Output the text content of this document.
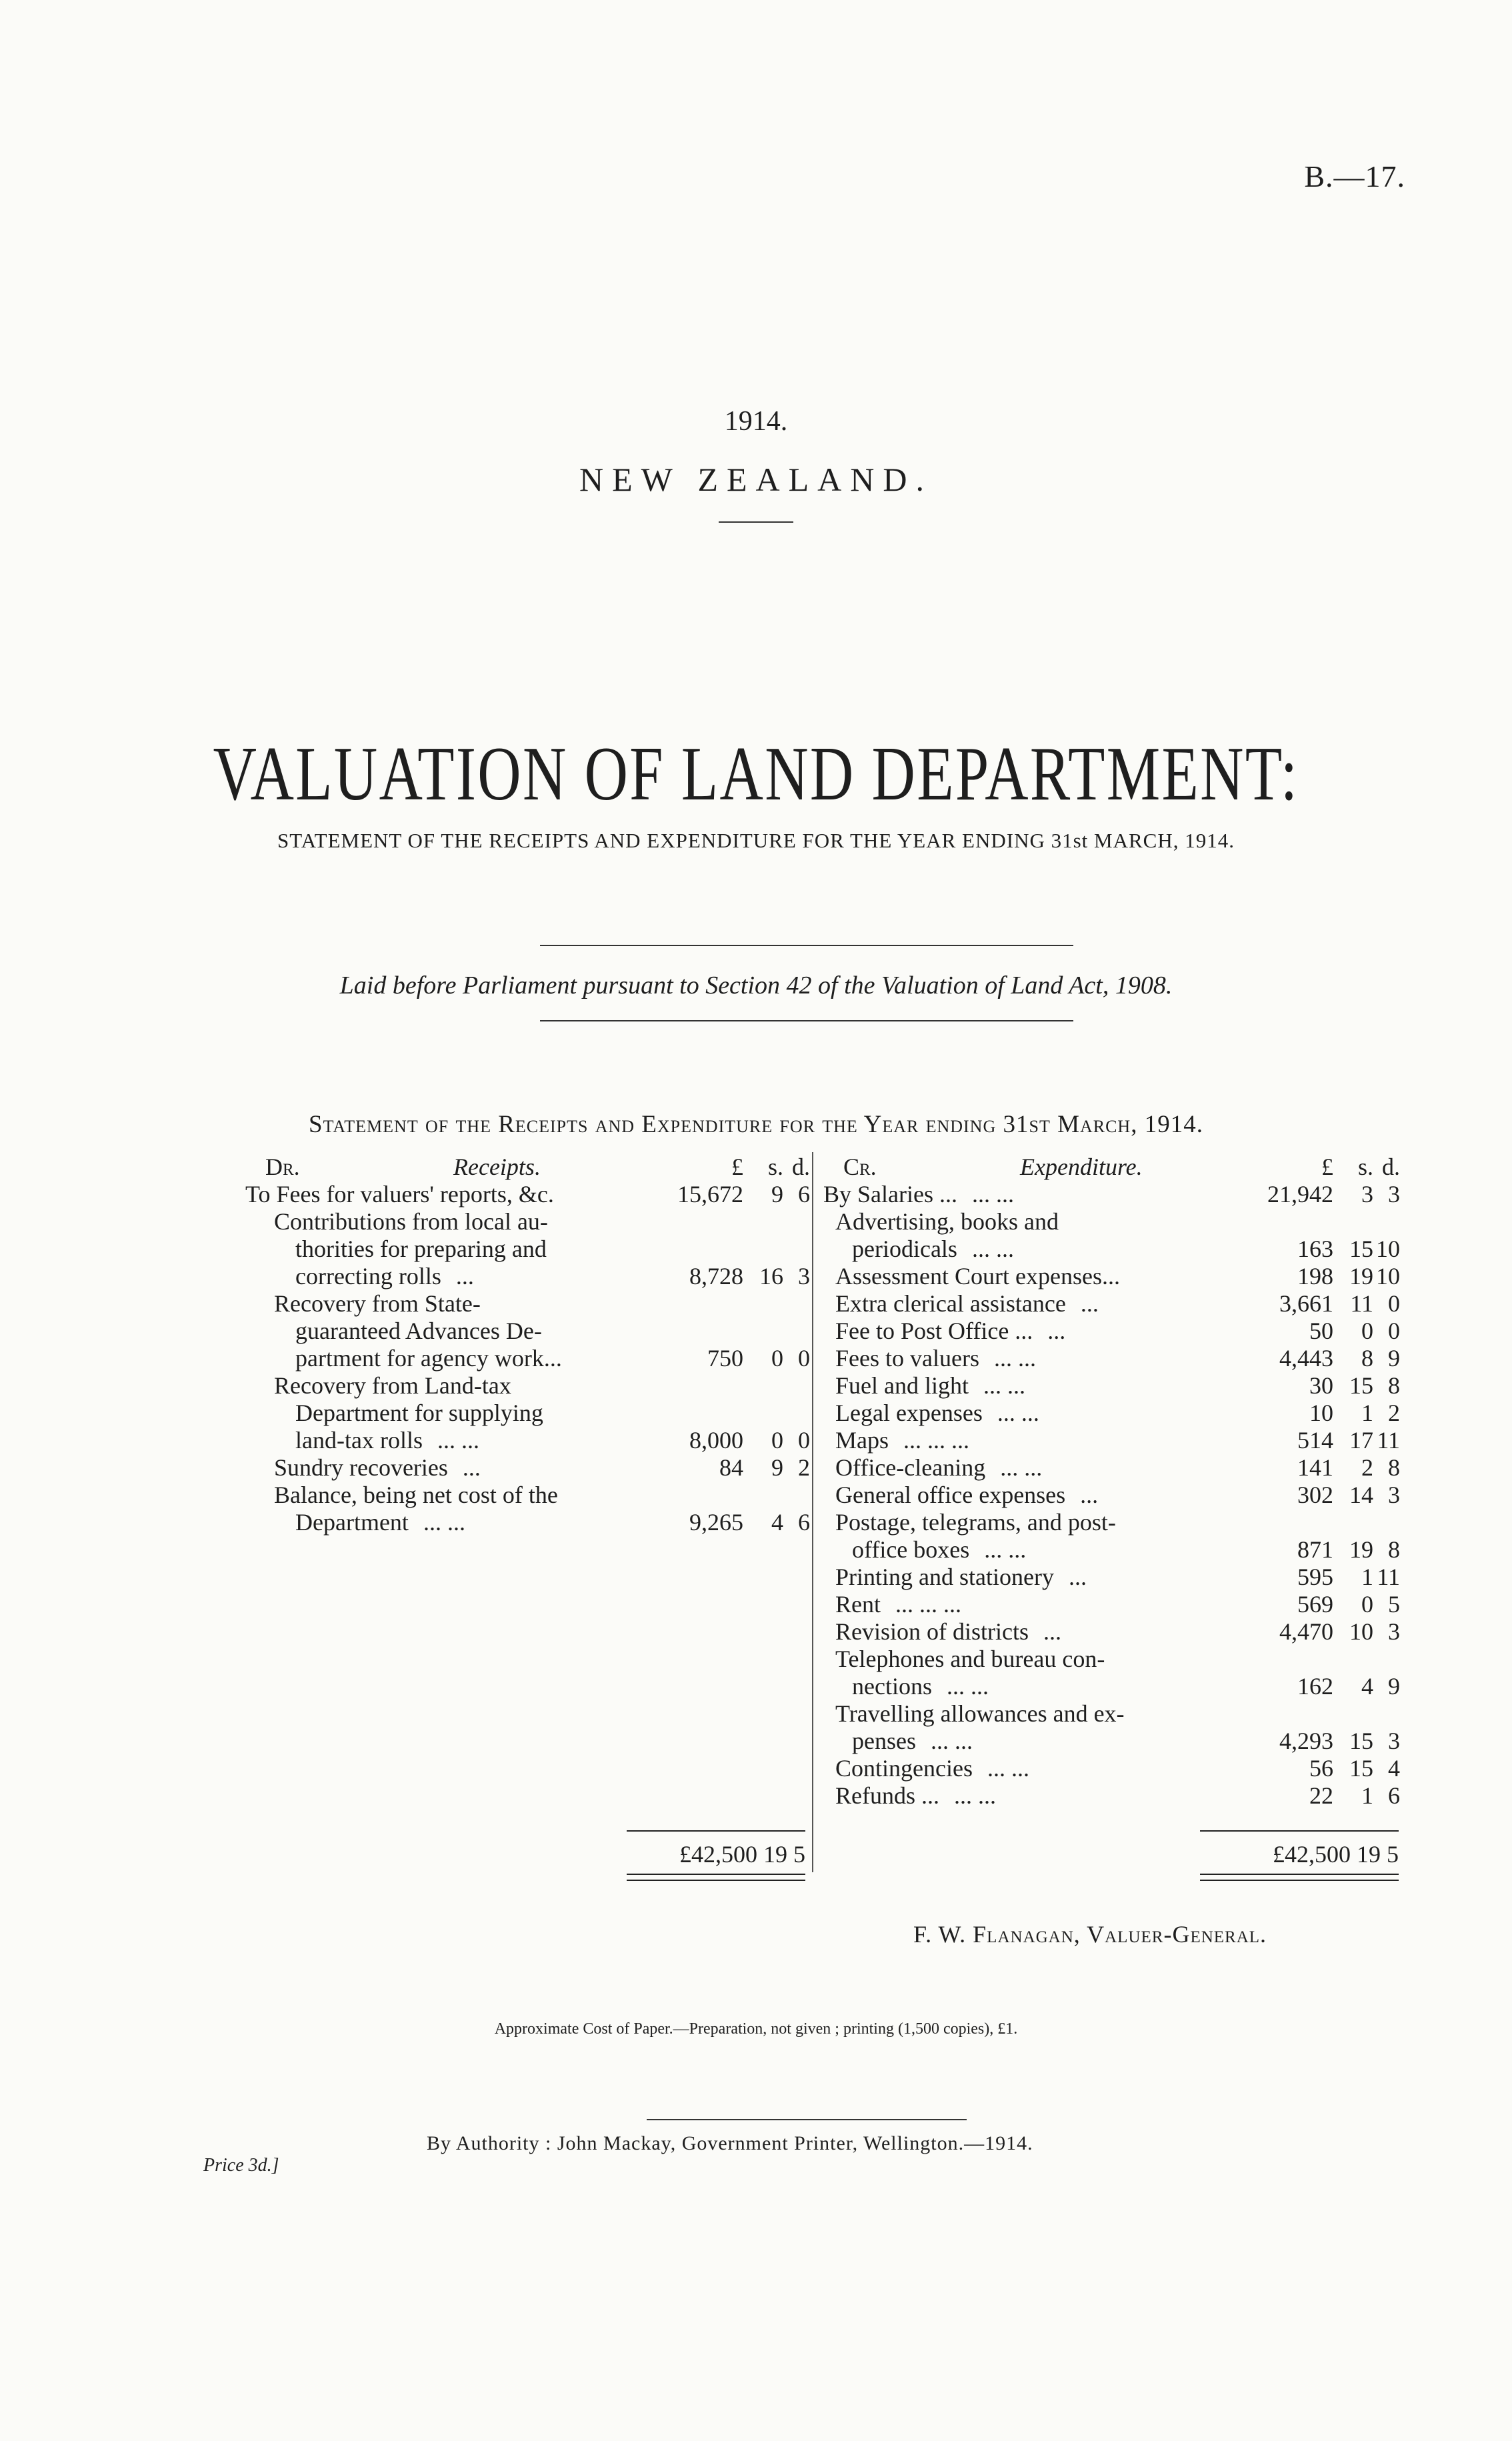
B.—17.
1914.
NEW ZEALAND.
VALUATION OF LAND DEPARTMENT:
STATEMENT OF THE RECEIPTS AND EXPENDITURE FOR THE YEAR ENDING 31st MARCH, 1914.
Laid before Parliament pursuant to Section 42 of the Valuation of Land Act, 1908.
Statement of the Receipts and Expenditure for the Year ending 31st March, 1914.
Dr.	Receipts.	£	s. d.
To Fees for valuers' reports, &c.	15,672	9 6
Contributions from local au-
thorities for preparing and
correcting rolls ...	8,728 16 3
Recovery from State-
guaranteed Advances De-
partment for agency work...	750	0 0
Recovery from Land-tax
Department for supplying
land-tax rolls ... ...	8,000	0 0
Sundry recoveries ...	84	9 2
Balance, being net cost of the
Department ... ...	9,265	4 6
Cr.	Expenditure.	£	s. d.
By Salaries ... ... ...	21,942	3 3
Advertising, books and
periodicals ... ...	163 15 10
Assessment Court expenses...	198 19 10
Extra clerical assistance ...	3,661 11 0
Fee to Post Office ... ...	50	0 0
Fees to valuers ... ...	4,443	8 9
Fuel and light ... ...	30 15 8
Legal expenses ... ...	10	1 2
Maps ... ... ...	514 17 11
Office-cleaning ... ...	141	2 8
General office expenses ...	302 14 3
Postage, telegrams, and post-
office boxes ... ...	871 19 8
Printing and stationery ...	595	1 11
Rent ... ... ...	569	0 5
Revision of districts ...	4,470 10 3
Telephones and bureau con-
nections ... ...	162	4 9
Travelling allowances and ex-
penses ... ...	4,293 15 3
Contingencies ... ...	56 15 4
Refunds ... ... ...	22	1 6
£42,500 19 5	£42,500 19 5
F. W. Flanagan, Valuer-General.
Approximate Cost of Paper.—Preparation, not given ; printing (1,500 copies), £1.
By Authority : John Mackay, Government Printer, Wellington.—1914.
Price 3d.]
